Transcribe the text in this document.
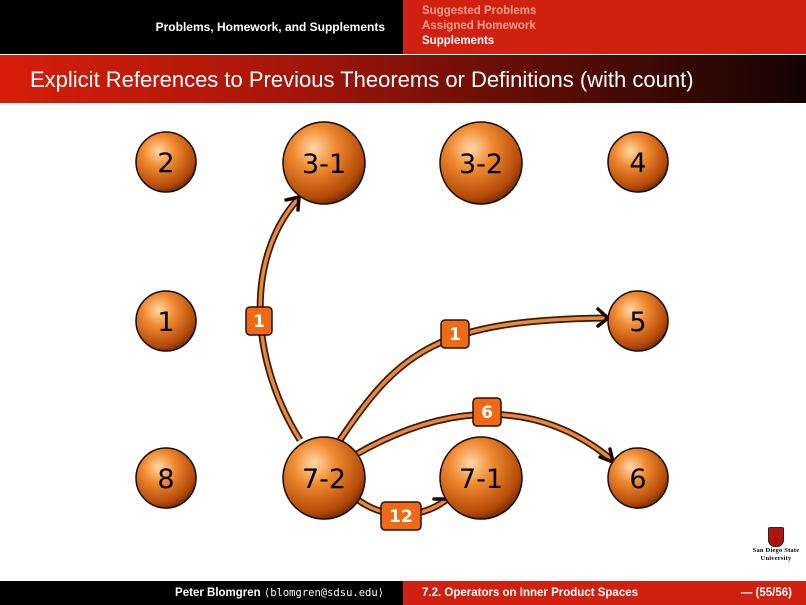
Problems, Homework, and Supplements
Suggested Problems
Assigned Homework
Supplements
Explicit References to Previous Theorems or Definitions (with count)
2	3-1	3-2	4
1	5
8	7-2	7-1	6
1
1
6
12
San Diego State
University
Peter Blomgren
⟨blomgren@sdsu.edu⟩	7.2. Operators on Inner Product Spaces	— (55/56)
